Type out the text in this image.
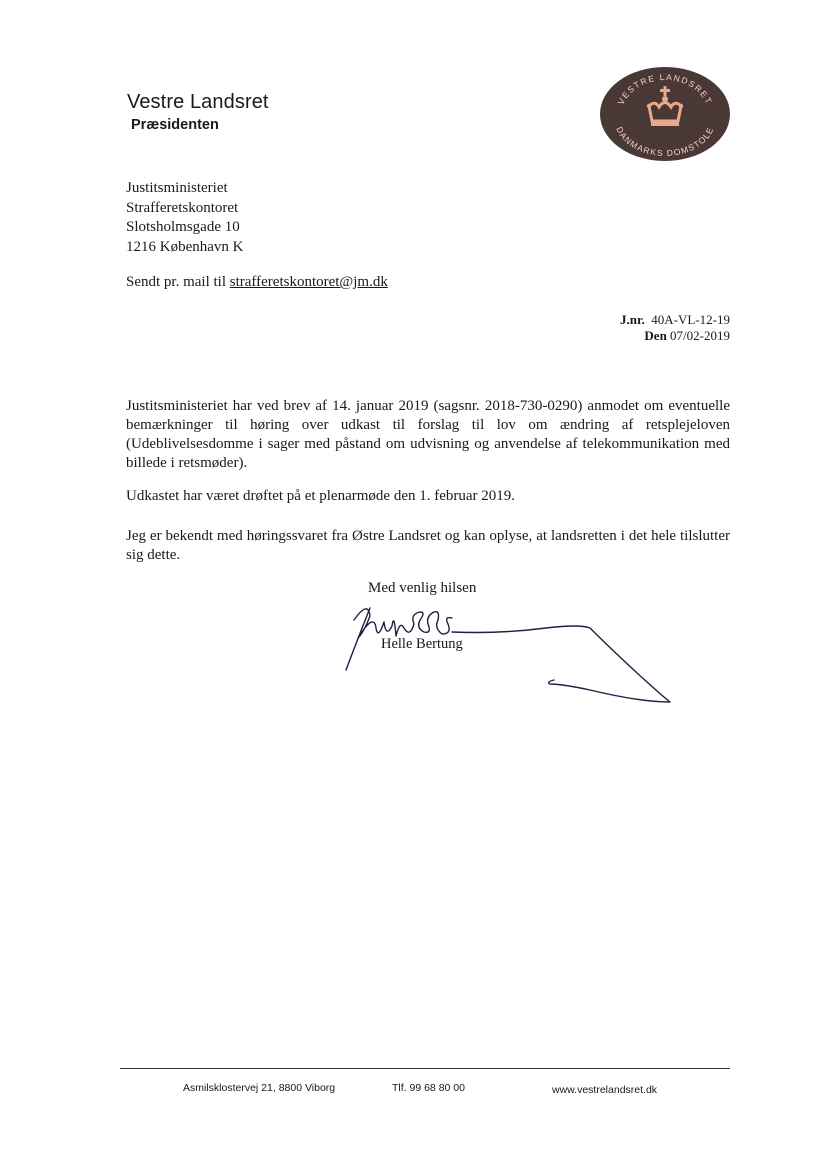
Vestre Landsret
Præsidenten
VESTRE LANDSRET
DANMARKS DOMSTOLE
Justitsministeriet
Strafferetskontoret
Slotsholmsgade 10
1216 København K
Sendt pr. mail til strafferetskontoret@jm.dk
J.nr. 40A-VL-12-19
Den 07/02-2019
Justitsministeriet har ved brev af 14. januar 2019 (sagsnr. 2018-730-0290) anmodet om eventuelle bemærkninger til høring over udkast til forslag til lov om ændring af retsplejeloven (Udeblivelsesdomme i sager med påstand om udvisning og anvendelse af telekommunikation med billede i retsmøder).
Udkastet har været drøftet på et plenarmøde den 1. februar 2019.
Jeg er bekendt med høringssvaret fra Østre Landsret og kan oplyse, at landsretten i det hele tilslutter sig dette.
Med venlig hilsen
Helle Bertung
Asmilsklostervej 21, 8800 Viborg	Tlf. 99 68 80 00	www.vestrelandsret.dk
